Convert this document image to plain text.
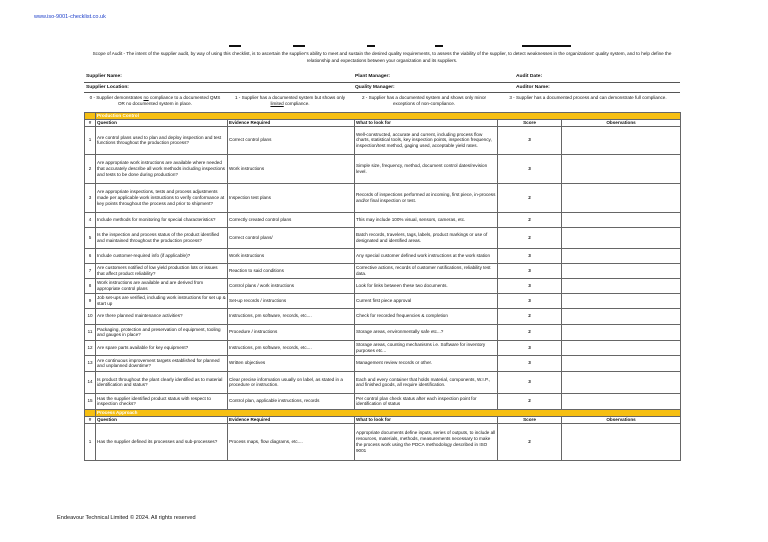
www.iso-9001-checklist.co.uk
Scope of Audit - The intent of the supplier audit, by way of using this checklist, is to ascertain the supplier's ability to meet and sustain the desired quality requirements, to assess the viability of the supplier, to detect weaknesses in the organizations' quality system, and to help define the relationship and expectations between your organization and its suppliers.
Supplier Name:	Plant Manager:	Audit Date:
Supplier Location:	Quality Manager:	Auditor Name:
0 - Supplier demonstrates no compliance to a documented QMS OR no documented system in place.
1 - Supplier has a documented system but shows only limited compliance.
2 - Supplier has a documented system and shows only minor exceptions of non-compliance.
3 - Supplier has a documented process and can demonstrate full compliance.
	Production Control				
#	Question	Evidence Required	What to look for	Score	Observations
1	Are control plans used to plan and deploy inspection and test functions throughout the production process?	Correct control plans	Well-constructed, accurate and current, including process flow charts, statistical tools, key inspection points, inspection frequency, inspection/test method, gaging used, acceptable yield rates.	3	
2	Are appropriate work instructions are available where needed that accurately describe all work methods including inspections and tests to be done during production?	Work instructions	Simple size, frequency, method, document control dates/revision level.	3	
3	Are appropriate inspections, tests and process adjustments made per applicable work instructions to verify conformance at key points throughout the process and prior to shipment?	Inspection test plans	Records of inspections performed at incoming, first piece, in-process and/or final inspection or test.	2	
4	Include methods for monitoring for special characteristics?	Correctly created control plans	This may include 100% visual, sensors, cameras, etc.	2	
5	Is the inspection and process status of the product identified and maintained throughout the production process?	Correct control plans/	Batch records, travelers, tags, labels, product markings or use of designated and identified areas.	2	
6	Include customer-required info (if applicable)?	Work instructions	Any special customer defined work instructions at the work station	3	
7	Are customers notified of low yield production lots or issues that affect product reliability?	Reaction to said conditions	Corrective actions, records of customer notifications, reliability test data.	3	
8	Work instructions are available and are derived from appropriate control plans	Control plans / work instructions	Look for links between these two documents.	3	
9	Job set-ups are verified, including work instructions for set up & start up	Set-up records / instructions	Current first piece approval	3	
10	Are there planned maintenance activities?	Instructions, pm software, records, etc....	Check for recorded frequencies & completion	2	
11	Packaging, protection and preservation of equipment, tooling and gauges in place?	Procedure / instructions	Storage areas, environmentally safe etc...?	2	
12	Are spare parts available for key equipment?	Instructions, pm software, records, etc....	Storage areas, counting mechanisms i.e. Software for inventory purposes etc...	3	
13	Are continuous improvement targets established for planned and unplanned downtime?	Written objectives	Management review records or other.	3	
14	Is product throughout the plant clearly identified as to material identification and status?	Clear precise information usually on label, as stated in a procedure or instruction.	Each and every container that holds material, components, W.I.P., and finished goods, all require identification.	3	
15	Has the supplier identified product status with respect to inspection checks?	Control plan, applicable instructions, records	Per control plan check status after each inspection point for identification of status	2	
	Process Approach				
#	Question	Evidence Required	What to look for	Score	Observations
1	Has the supplier defined its processes and sub-processes?	Process maps, flow diagrams, etc....	Appropriate documents define inputs, series of outputs, to include all resources, materials, methods, measurements necessary to make the process work using the PDCA methodology described in ISO 9001	2	
Endeavour Technical Limited © 2024. All rights reserved
